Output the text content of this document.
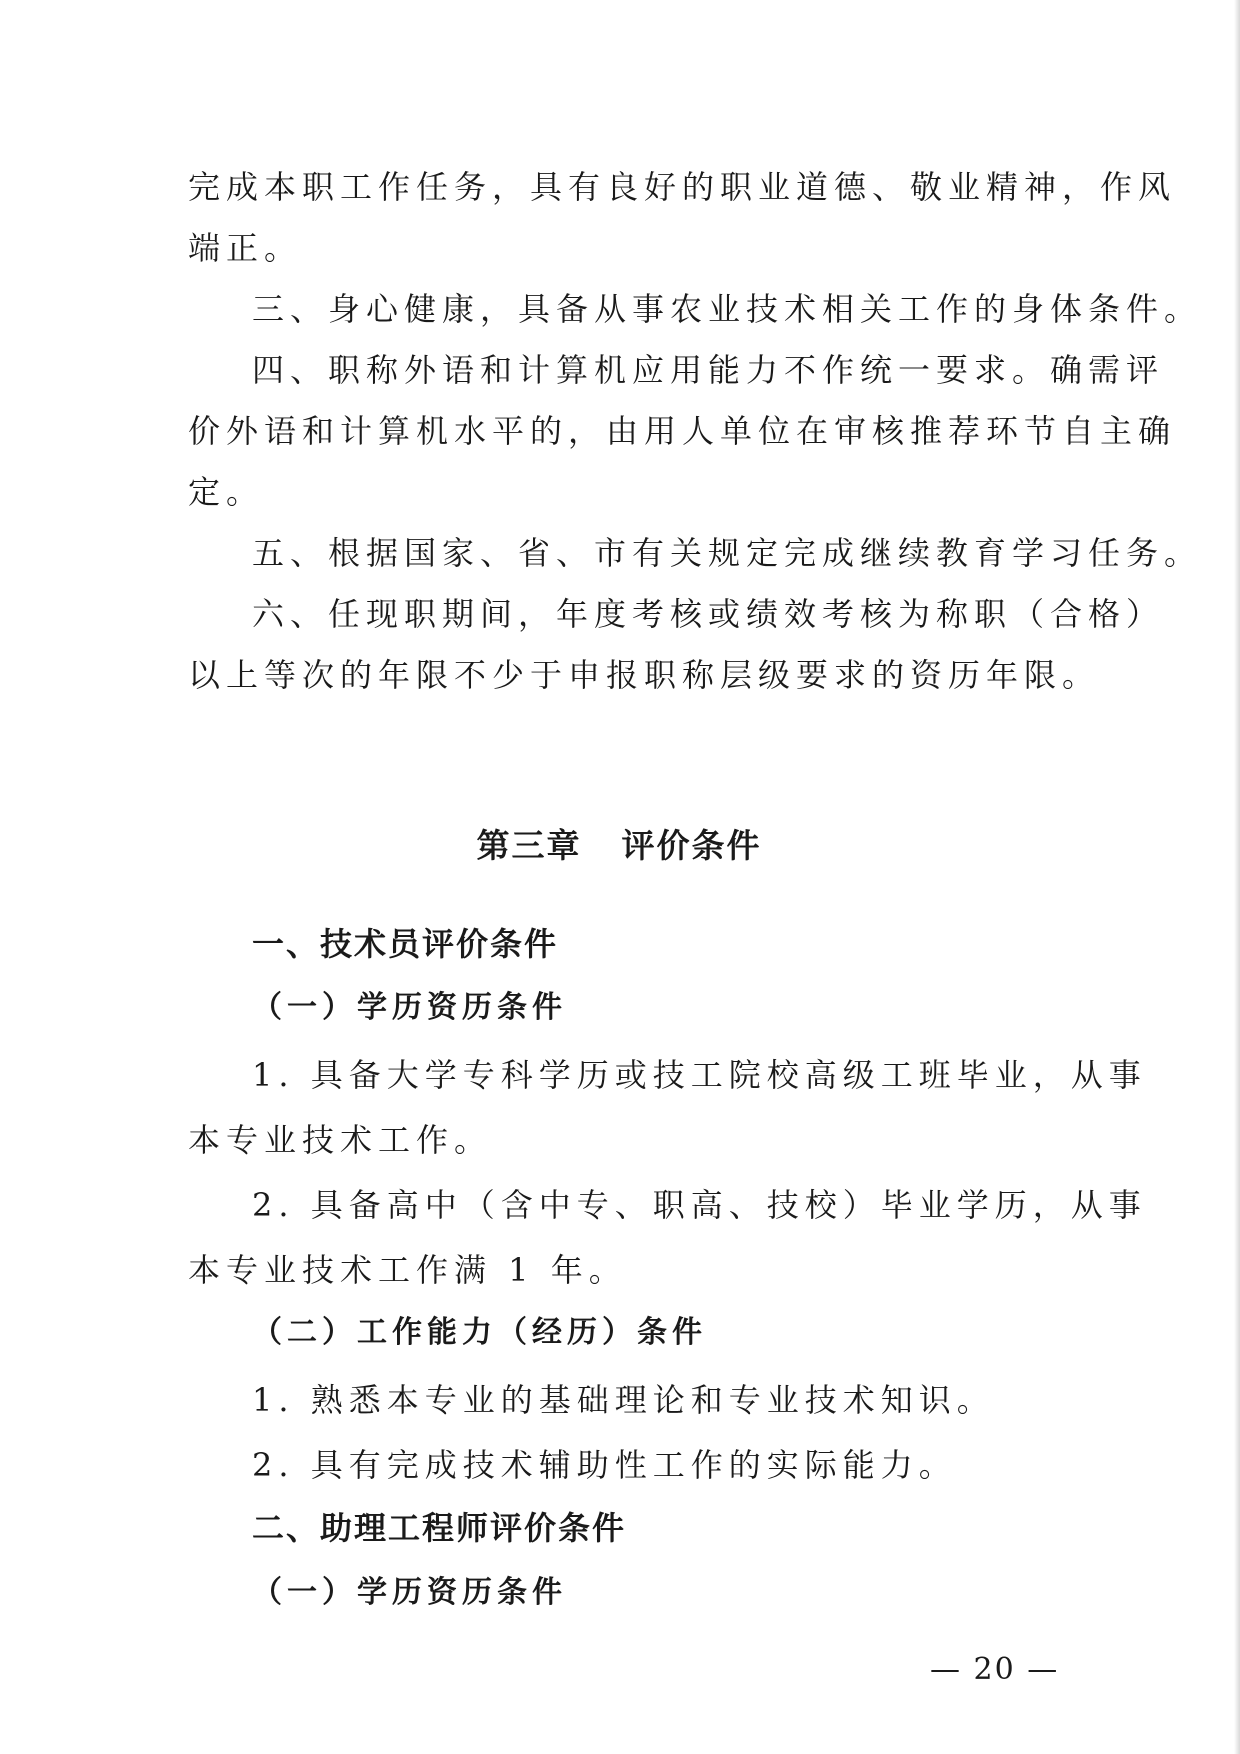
完成本职工作任务，具有良好的职业道德、敬业精神，作风
端正。
三、身心健康，具备从事农业技术相关工作的身体条件。
四、职称外语和计算机应用能力不作统一要求。确需评
价外语和计算机水平的，由用人单位在审核推荐环节自主确
定。
五、根据国家、省、市有关规定完成继续教育学习任务。
六、任现职期间，年度考核或绩效考核为称职（合格）
以上等次的年限不少于申报职称层级要求的资历年限。
第三章 评价条件
一、技术员评价条件
（一）学历资历条件
1. 具备大学专科学历或技工院校高级工班毕业，从事
本专业技术工作。
2. 具备高中（含中专、职高、技校）毕业学历，从事
本专业技术工作满 1 年。
（二）工作能力（经历）条件
1. 熟悉本专业的基础理论和专业技术知识。
2. 具有完成技术辅助性工作的实际能力。
二、助理工程师评价条件
（一）学历资历条件
— 20 —
